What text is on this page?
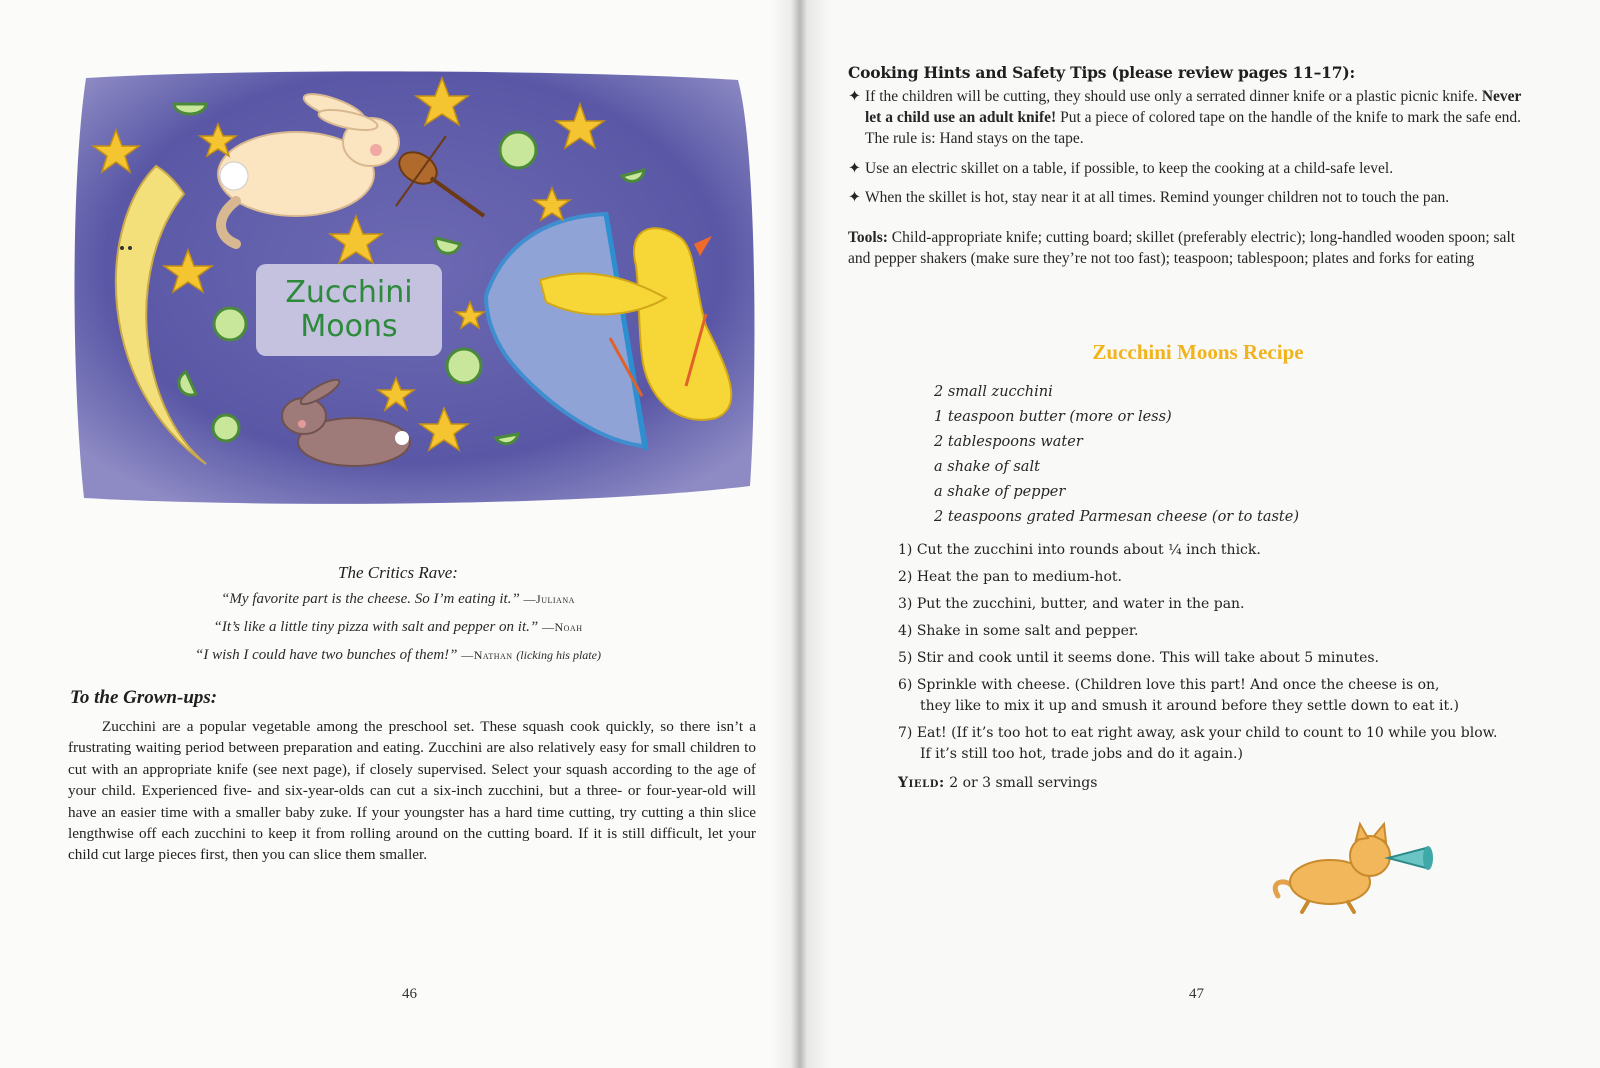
Zucchini
Moons
The Critics Rave:
“My favorite part is the cheese. So I’m eating it.” —Juliana
“It’s like a little tiny pizza with salt and pepper on it.” —Noah
“I wish I could have two bunches of them!” —Nathan (licking his plate)
To the Grown-ups:
Zucchini are a popular vegetable among the preschool set. These squash cook quickly, so there isn’t a frustrating waiting period between preparation and eating. Zucchini are also relatively easy for small children to cut with an appropriate knife (see next page), if closely supervised. Select your squash according to the age of your child. Experienced five- and six-year-olds can cut a six-inch zucchini, but a three- or four-year-old will have an easier time with a smaller baby zuke. If your youngster has a hard time cutting, try cutting a thin slice lengthwise off each zucchini to keep it from rolling around on the cutting board. If it is still difficult, let your child cut large pieces first, then you can slice them smaller.
46
Cooking Hints and Safety Tips (please review pages 11–17):
✦ If the children will be cutting, they should use only a serrated dinner knife or a plastic picnic knife. Never let a child use an adult knife! Put a piece of colored tape on the handle of the knife to mark the safe end. The rule is: Hand stays on the tape.
✦ Use an electric skillet on a table, if possible, to keep the cooking at a child-safe level.
✦ When the skillet is hot, stay near it at all times. Remind younger children not to touch the pan.
Tools: Child-appropriate knife; cutting board; skillet (preferably electric); long-handled wooden spoon; salt and pepper shakers (make sure they’re not too fast); teaspoon; tablespoon; plates and forks for eating
Zucchini Moons Recipe
2 small zucchini
1 teaspoon butter (more or less)
2 tablespoons water
a shake of salt
a shake of pepper
2 teaspoons grated Parmesan cheese (or to taste)
1) Cut the zucchini into rounds about ¼ inch thick.
2) Heat the pan to medium-hot.
3) Put the zucchini, butter, and water in the pan.
4) Shake in some salt and pepper.
5) Stir and cook until it seems done. This will take about 5 minutes.
6) Sprinkle with cheese. (Children love this part! And once the cheese is on,
they like to mix it up and smush it around before they settle down to eat it.)
7) Eat! (If it’s too hot to eat right away, ask your child to count to 10 while you blow.
If it’s still too hot, trade jobs and do it again.)
Yield: 2 or 3 small servings
47
